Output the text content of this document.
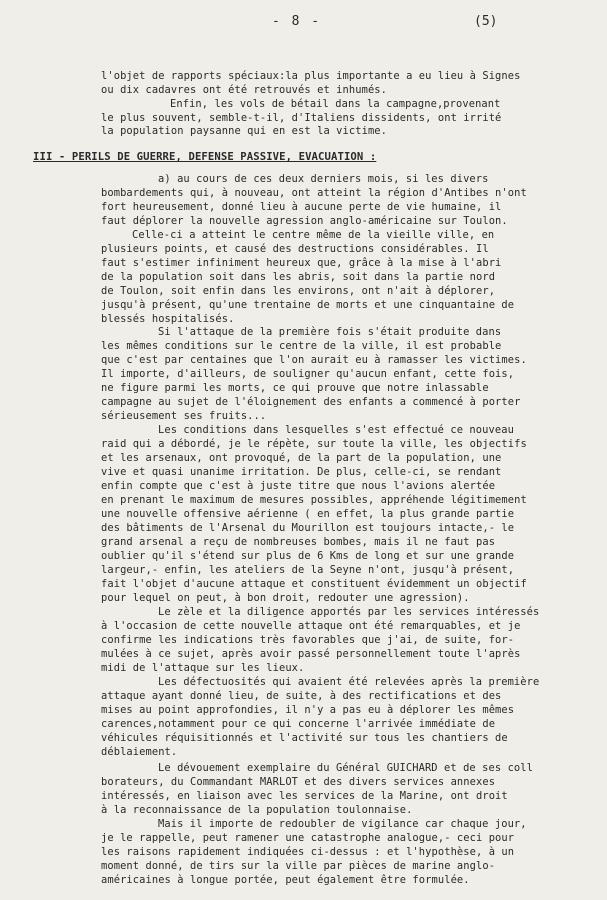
- 8 -	(5)
l'objet de rapports spéciaux:la plus importante a eu lieu à Signes
ou dix cadavres ont été retrouvés et inhumés.
Enfin, les vols de bétail dans la campagne,provenant
le plus souvent, semble-t-il, d'Italiens dissidents, ont irrité
la population paysanne qui en est la victime.
III - PERILS DE GUERRE, DEFENSE PASSIVE, EVACUATION :
a) au cours de ces deux derniers mois, si les divers
bombardements qui, à nouveau, ont atteint la région d'Antibes n'ont
fort heureusement, donné lieu à aucune perte de vie humaine, il
faut déplorer la nouvelle agression anglo-américaine sur Toulon.
Celle-ci a atteint le centre même de la vieille ville, en
plusieurs points, et causé des destructions considérables. Il
faut s'estimer infiniment heureux que, grâce à la mise à l'abri
de la population soit dans les abris, soit dans la partie nord
de Toulon, soit enfin dans les environs, ont n'ait à déplorer,
jusqu'à présent, qu'une trentaine de morts et une cinquantaine de
blessés hospitalisés.
Si l'attaque de la première fois s'était produite dans
les mêmes conditions sur le centre de la ville, il est probable
que c'est par centaines que l'on aurait eu à ramasser les victimes.
Il importe, d'ailleurs, de souligner qu'aucun enfant, cette fois,
ne figure parmi les morts, ce qui prouve que notre inlassable
campagne au sujet de l'éloignement des enfants a commencé à porter
sérieusement ses fruits...
Les conditions dans lesquelles s'est effectué ce nouveau
raid qui a débordé, je le répète, sur toute la ville, les objectifs
et les arsenaux, ont provoqué, de la part de la population, une
vive et quasi unanime irritation. De plus, celle-ci, se rendant
enfin compte que c'est à juste titre que nous l'avions alertée
en prenant le maximum de mesures possibles, appréhende légitimement
une nouvelle offensive aérienne ( en effet, la plus grande partie
des bâtiments de l'Arsenal du Mourillon est toujours intacte,- le
grand arsenal a reçu de nombreuses bombes, mais il ne faut pas
oublier qu'il s'étend sur plus de 6 Kms de long et sur une grande
largeur,- enfin, les ateliers de la Seyne n'ont, jusqu'à présent,
fait l'objet d'aucune attaque et constituent évidemment un objectif
pour lequel on peut, à bon droit, redouter une agression).
Le zèle et la diligence apportés par les services intéressés
à l'occasion de cette nouvelle attaque ont été remarquables, et je
confirme les indications très favorables que j'ai, de suite, for-
mulées à ce sujet, après avoir passé personnellement toute l'après
midi de l'attaque sur les lieux.
Les défectuosités qui avaient été relevées après la première
attaque ayant donné lieu, de suite, à des rectifications et des
mises au point approfondies, il n'y a pas eu à déplorer les mêmes
carences,notamment pour ce qui concerne l'arrivée immédiate de
véhicules réquisitionnés et l'activité sur tous les chantiers de
déblaiement.
Le dévouement exemplaire du Général GUICHARD et de ses coll
borateurs, du Commandant MARLOT et des divers services annexes
intéressés, en liaison avec les services de la Marine, ont droit
à la reconnaissance de la population toulonnaise.
Mais il importe de redoubler de vigilance car chaque jour,
je le rappelle, peut ramener une catastrophe analogue,- ceci pour
les raisons rapidement indiquées ci-dessus : et l'hypothèse, à un
moment donné, de tirs sur la ville par pièces de marine anglo-
américaines à longue portée, peut également être formulée.
